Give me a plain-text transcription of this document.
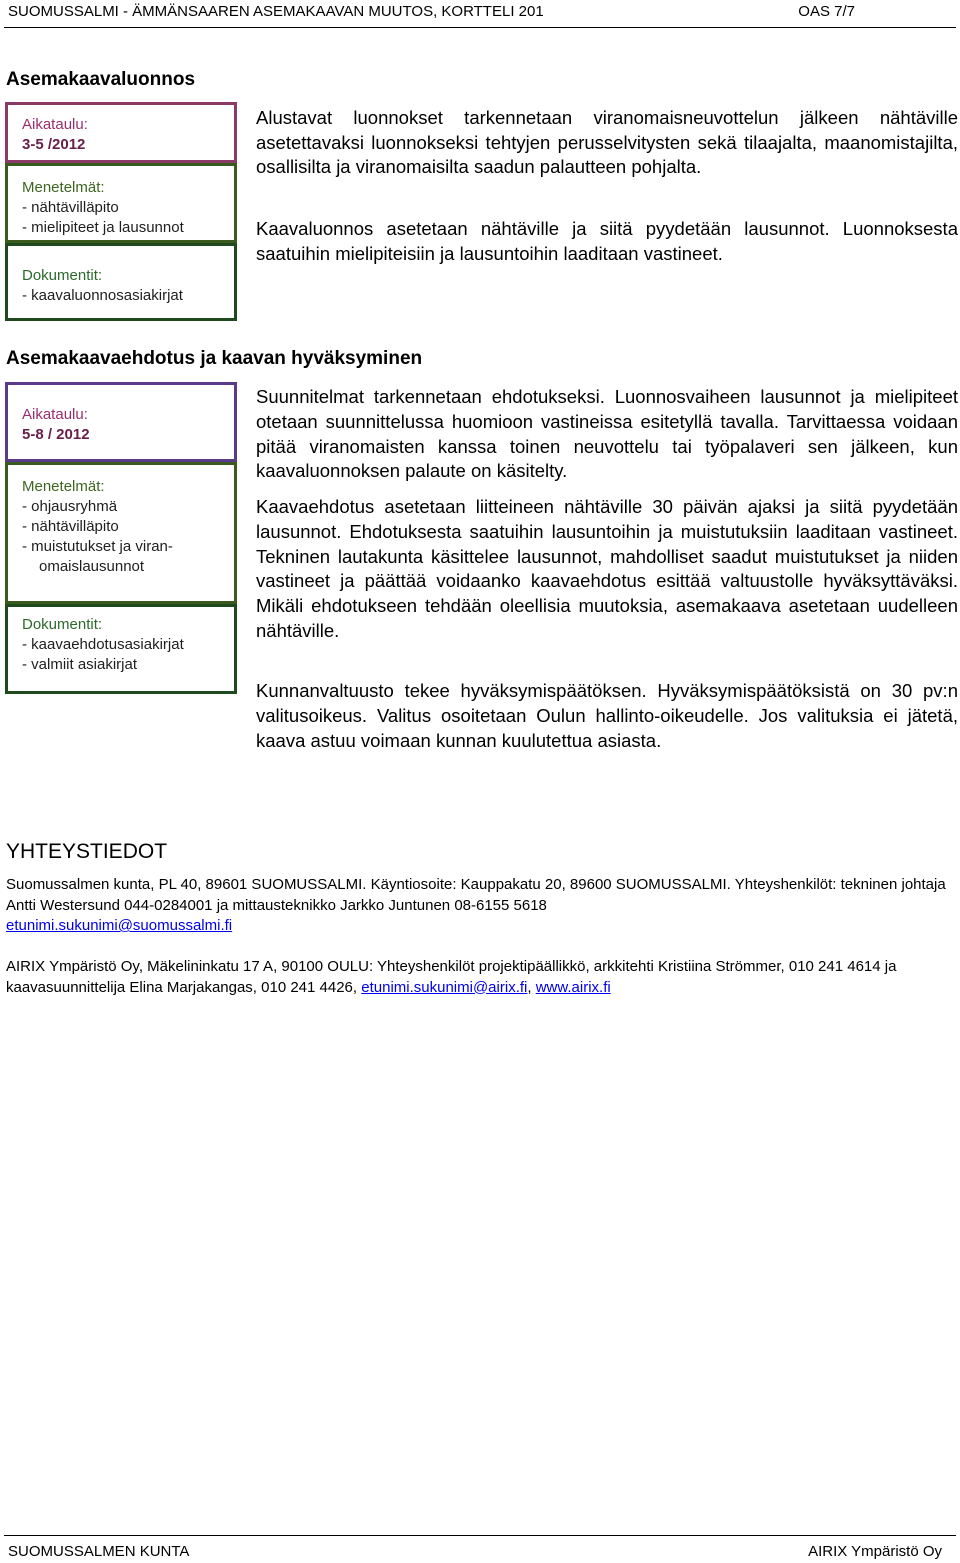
SUOMUSSALMI - ÄMMÄNSAAREN ASEMAKAAVAN MUUTOS, KORTTELI 201	OAS 7/7
Asemakaavaluonnos
Aikataulu:
3-5 /2012
Menetelmät:
- nähtävilläpito
- mielipiteet ja lausunnot
Dokumentit:
- kaavaluonnosasiakirjat

Alustavat luonnokset tarkennetaan viranomaisneuvottelun jälkeen nähtäville asetettavaksi luonnokseksi tehtyjen perusselvitysten sekä tilaajalta, maanomistajilta, osallisilta ja viranomaisilta saadun palautteen pohjalta.

Kaavaluonnos asetetaan nähtäville ja siitä pyydetään lausunnot. Luonnoksesta saatuihin mielipiteisiin ja lausuntoihin laaditaan vastineet.

Asemakaavaehdotus ja kaavan hyväksyminen
Aikataulu:
5-8 / 2012
Menetelmät:
- ohjausryhmä
- nähtävilläpito
- muistutukset ja viran-
omaislausunnot
Dokumentit:
- kaavaehdotusasiakirjat
- valmiit asiakirjat

Suunnitelmat tarkennetaan ehdotukseksi. Luonnosvaiheen lausunnot ja mielipiteet otetaan suunnittelussa huomioon vastineissa esitetyllä tavalla. Tarvittaessa voidaan pitää viranomaisten kanssa toinen neuvottelu tai työpalaveri sen jälkeen, kun kaavaluonnoksen palaute on käsitelty.

Kaavaehdotus asetetaan liitteineen nähtäville 30 päivän ajaksi ja siitä pyydetään lausunnot. Ehdotuksesta saatuihin lausuntoihin ja muistutuksiin laaditaan vastineet. Tekninen lautakunta käsittelee lausunnot, mahdolliset saadut muistutukset ja niiden vastineet ja päättää voidaanko kaavaehdotus esittää valtuustolle hyväksyttäväksi. Mikäli ehdotukseen tehdään oleellisia muutoksia, asemakaava asetetaan uudelleen nähtäville.

Kunnanvaltuusto tekee hyväksymispäätöksen. Hyväksymispäätöksistä on 30 pv:n valitusoikeus. Valitus osoitetaan Oulun hallinto-oikeudelle. Jos valituksia ei jätetä, kaava astuu voimaan kunnan kuulutettua asiasta.

YHTEYSTIEDOT

Suomussalmen kunta, PL 40, 89601 SUOMUSSALMI. Käyntiosoite: Kauppakatu 20, 89600 SUOMUSSALMI. Yhteyshenkilöt: tekninen johtaja Antti Westersund 044-0284001 ja mittausteknikko Jarkko Juntunen 08-6155 5618
etunimi.sukunimi@suomussalmi.fi

AIRIX Ympäristö Oy, Mäkelininkatu 17 A, 90100 OULU: Yhteyshenkilöt projektipäällikkö, arkkitehti Kristiina Strömmer, 010 241 4614 ja kaavasuunnittelija Elina Marjakangas, 010 241 4426, etunimi.sukunimi@airix.fi, www.airix.fi

SUOMUSSALMEN KUNTA	AIRIX Ympäristö Oy
